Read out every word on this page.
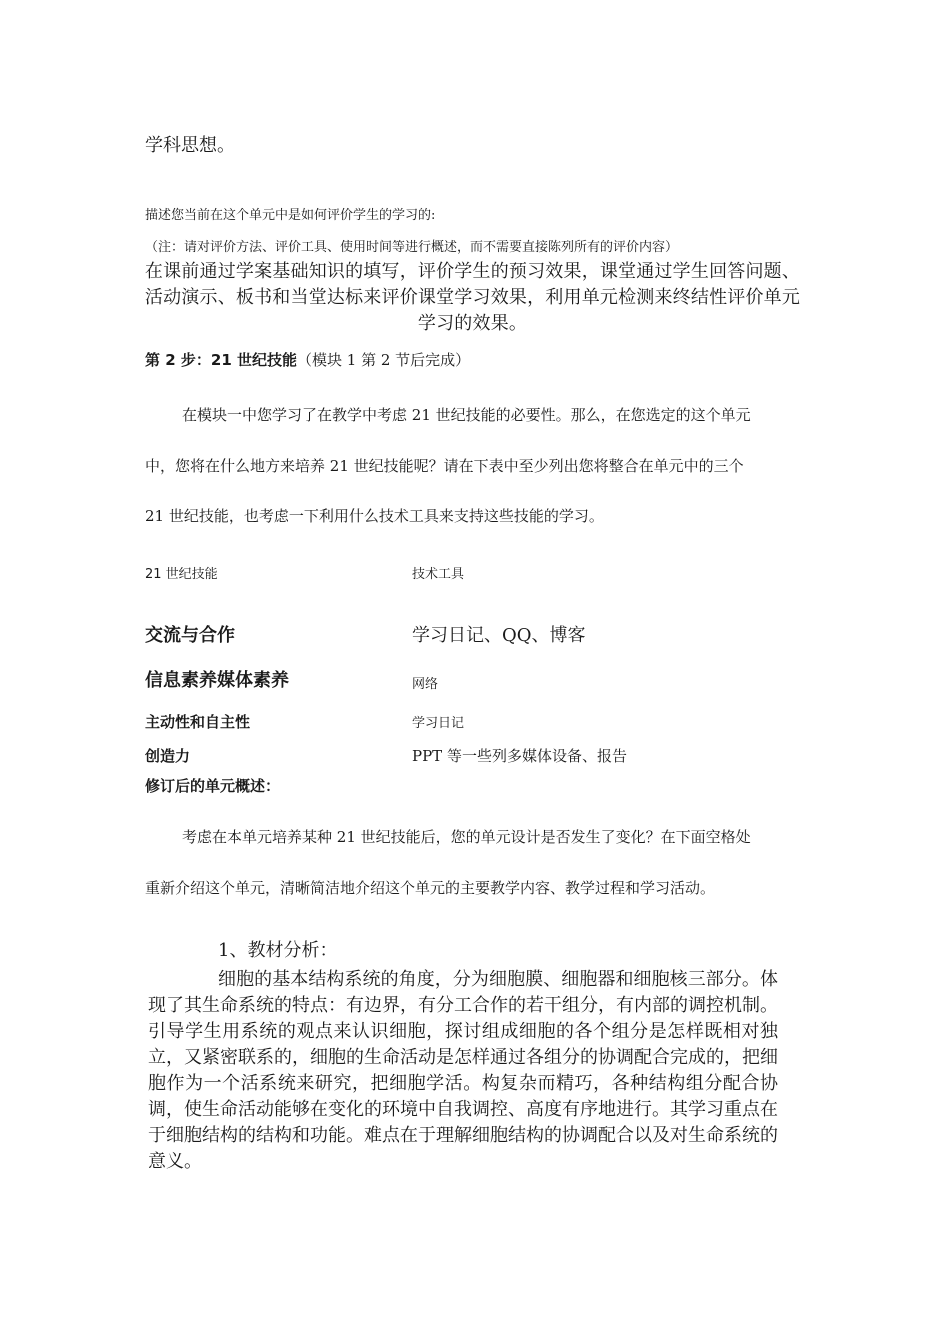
学科思想。
描述您当前在这个单元中是如何评价学生的学习的:
（注：请对评价方法、评价工具、使用时间等进行概述，而不需要直接陈列所有的评价内容）
在课前通过学案基础知识的填写，评价学生的预习效果，课堂通过学生回答问题、活动演示、板书和当堂达标来评价课堂学习效果，利用单元检测来终结性评价单元学习的效果。
第 2 步：21 世纪技能（模块 1 第 2 节后完成）
在模块一中您学习了在教学中考虑 21 世纪技能的必要性。那么，在您选定的这个单元
中，您将在什么地方来培养 21 世纪技能呢？请在下表中至少列出您将整合在单元中的三个
21 世纪技能，也考虑一下利用什么技术工具来支持这些技能的学习。
21 世纪技能	技术工具
交流与合作	学习日记、QQ、博客
信息素养媒体素养	网络
主动性和自主性	学习日记
创造力	PPT 等一些列多媒体设备、报告
修订后的单元概述：
考虑在本单元培养某种 21 世纪技能后，您的单元设计是否发生了变化？在下面空格处
重新介绍这个单元，清晰简洁地介绍这个单元的主要教学内容、教学过程和学习活动。
1、教材分析：
细胞的基本结构系统的角度，分为细胞膜、细胞器和细胞核三部分。体现了其生命系统的特点：有边界，有分工合作的若干组分，有内部的调控机制。引导学生用系统的观点来认识细胞，探讨组成细胞的各个组分是怎样既相对独立，又紧密联系的，细胞的生命活动是怎样通过各组分的协调配合完成的，把细胞作为一个活系统来研究，把细胞学活。构复杂而精巧，各种结构组分配合协调，使生命活动能够在变化的环境中自我调控、高度有序地进行。其学习重点在于细胞结构的结构和功能。难点在于理解细胞结构的协调配合以及对生命系统的意义。
